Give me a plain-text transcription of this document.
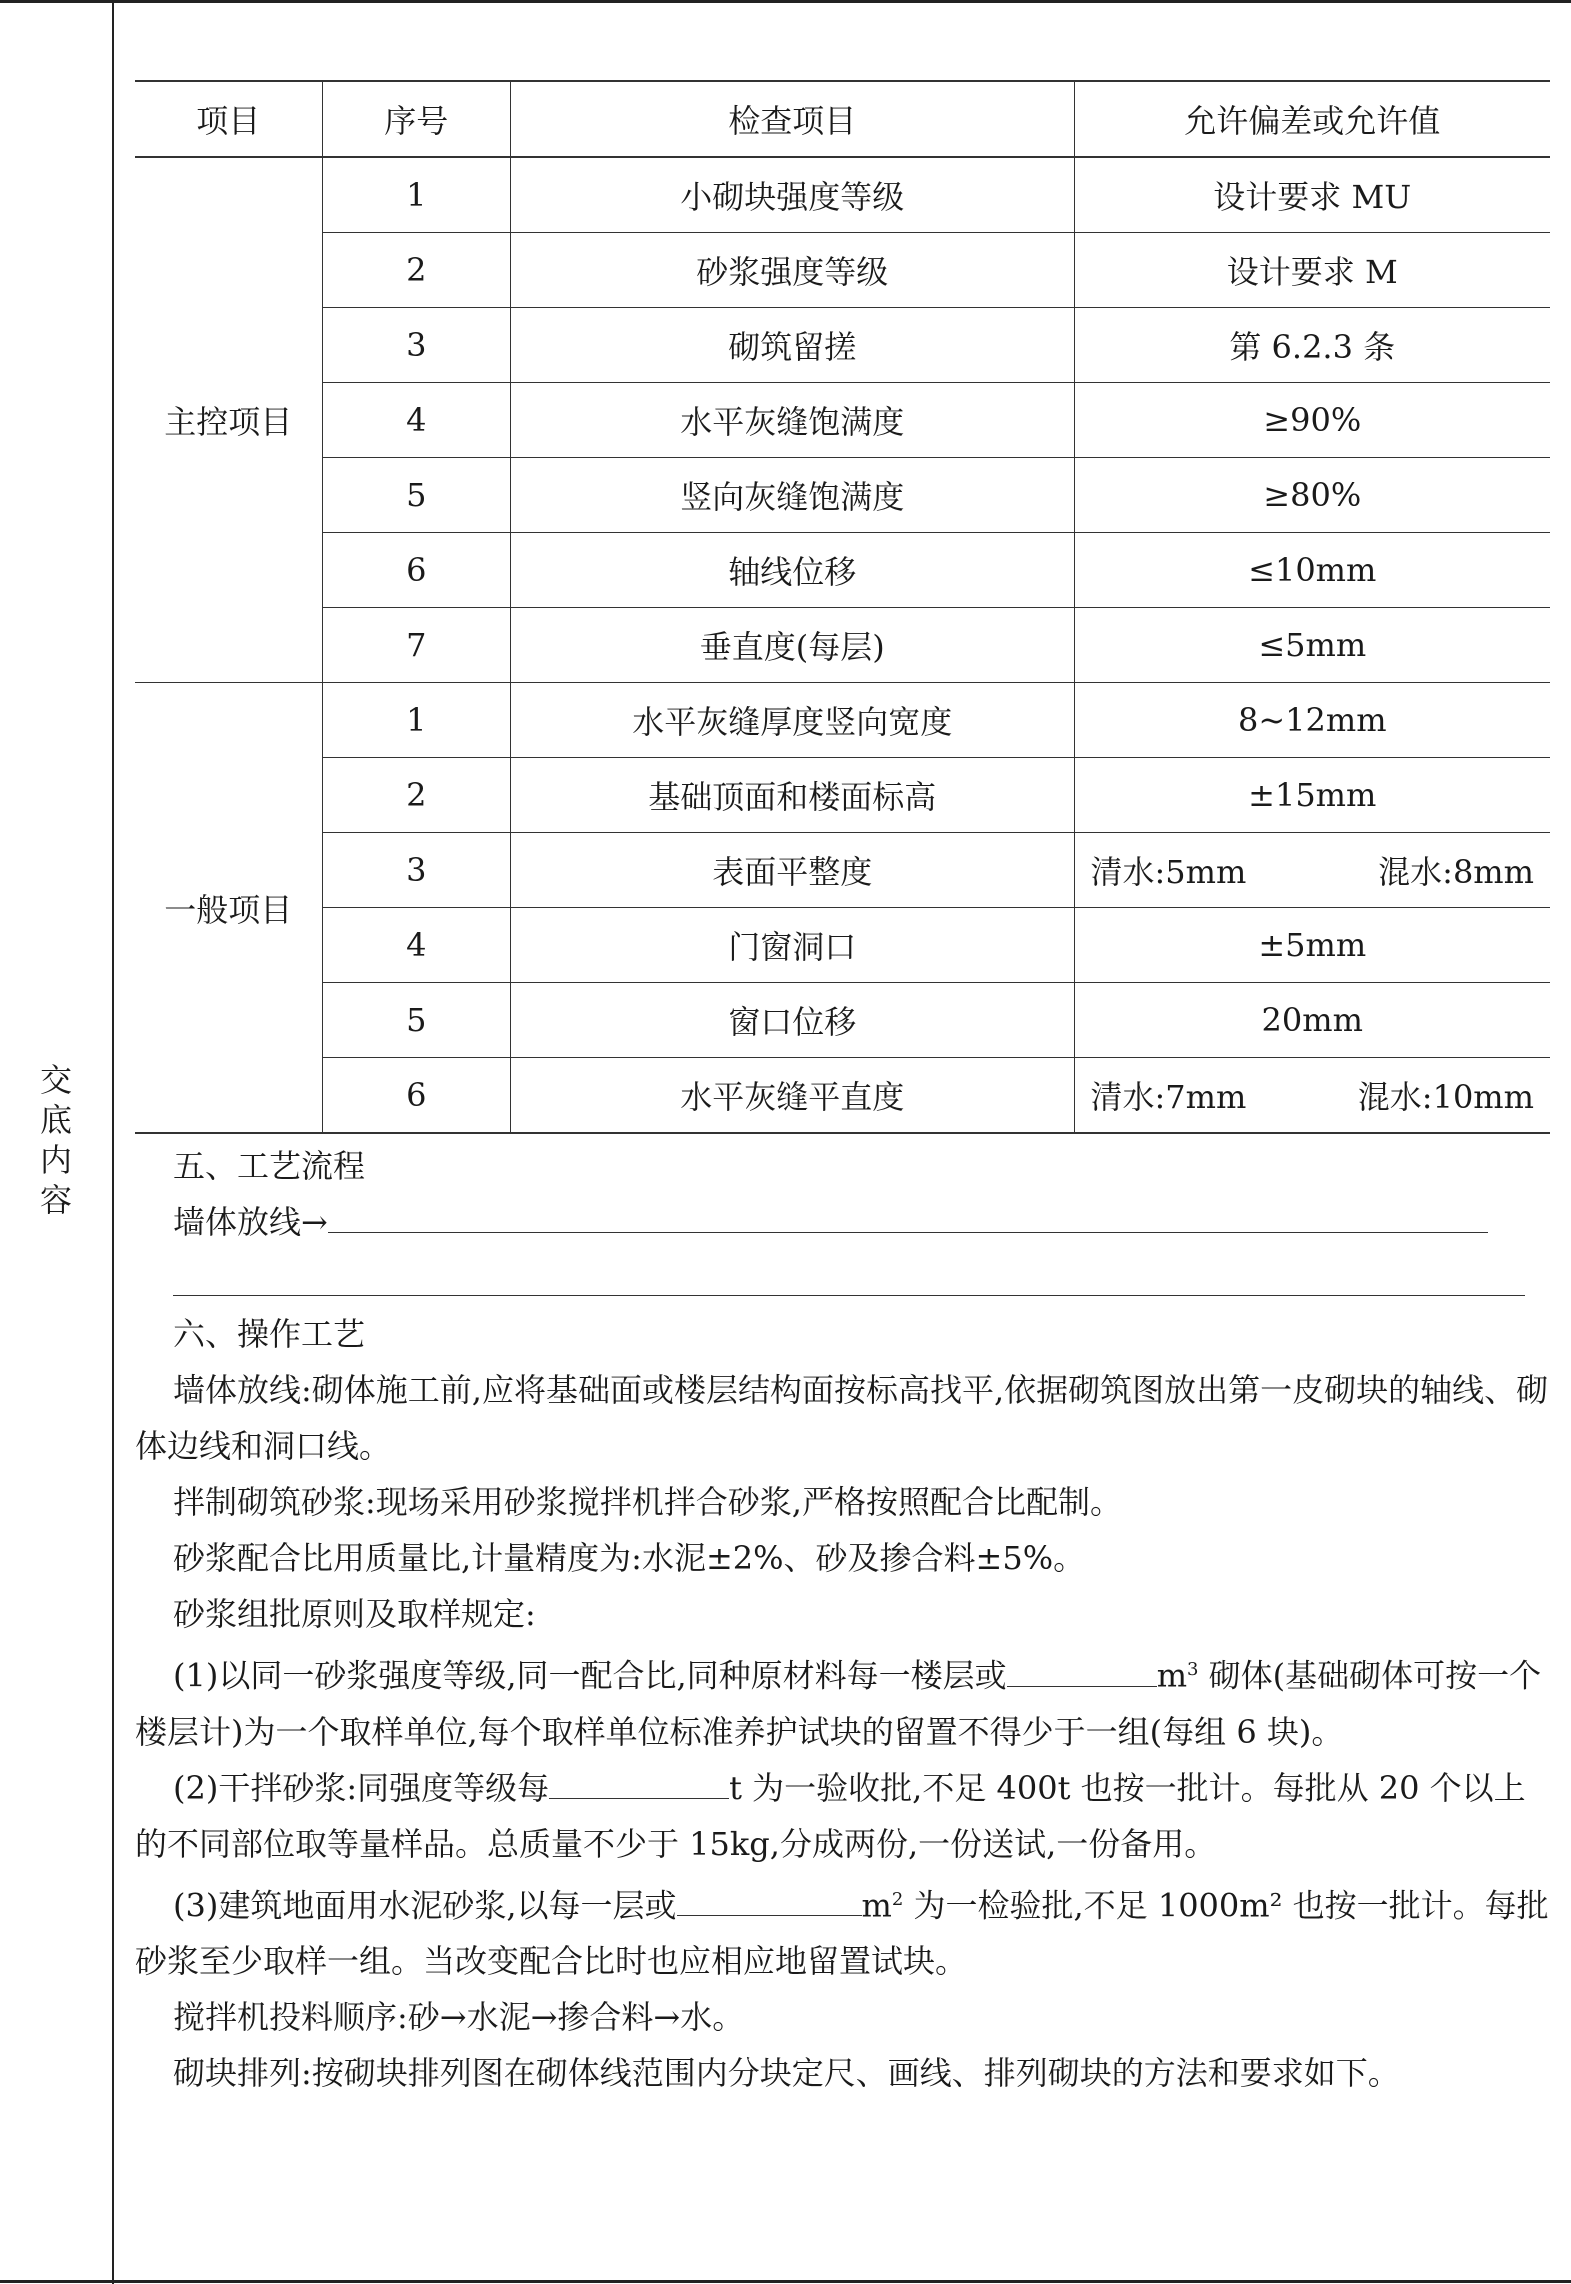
交
底
内
容
项目	序号	检查项目	允许偏差或允许值
主控项目	1	小砌块强度等级	设计要求 MU
	2	砂浆强度等级	设计要求 M
	3	砌筑留搓	第 6.2.3 条
	4	水平灰缝饱满度	≥90%
	5	竖向灰缝饱满度	≥80%
	6	轴线位移	≤10mm
	7	垂直度(每层)	≤5mm
一般项目	1	水平灰缝厚度竖向宽度	8~12mm
	2	基础顶面和楼面标高	±15mm
	3	表面平整度	清水:5mm 混水:8mm

	4	门窗洞口	±5mm
	5	窗口位移	20mm
	6	水平灰缝平直度	清水:7mm 混水:10mm

五、工艺流程

墙体放线→

六、操作工艺

墙体放线:砌体施工前,应将基础面或楼层结构面按标高找平,依据砌筑图放出第一皮砌块的轴线、砌体边线和洞口线。

拌制砌筑砂浆:现场采用砂浆搅拌机拌合砂浆,严格按照配合比配制。

砂浆配合比用质量比,计量精度为:水泥±2%、砂及掺合料±5%。

砂浆组批原则及取样规定:

(1)以同一砂浆强度等级,同一配合比,同种原材料每一楼层或	$m^3$ 砌体(基础砌体可按一个楼层计)为一个取样单位,每个取样单位标准养护试块的留置不得少于一组(每组 6 块)。

(2)干拌砂浆:同强度等级每	t 为一验收批,不足 400t 也按一批计。每批从 20 个以上的不同部位取等量样品。总质量不少于 15kg,分成两份,一份送试,一份备用。

(3)建筑地面用水泥砂浆,以每一层或	$m^2$ 为一检验批,不足 1000m² 也按一批计。每批砂浆至少取样一组。当改变配合比时也应相应地留置试块。

搅拌机投料顺序:砂→水泥→掺合料→水。

砌块排列:按砌块排列图在砌体线范围内分块定尺、画线、排列砌块的方法和要求如下。
